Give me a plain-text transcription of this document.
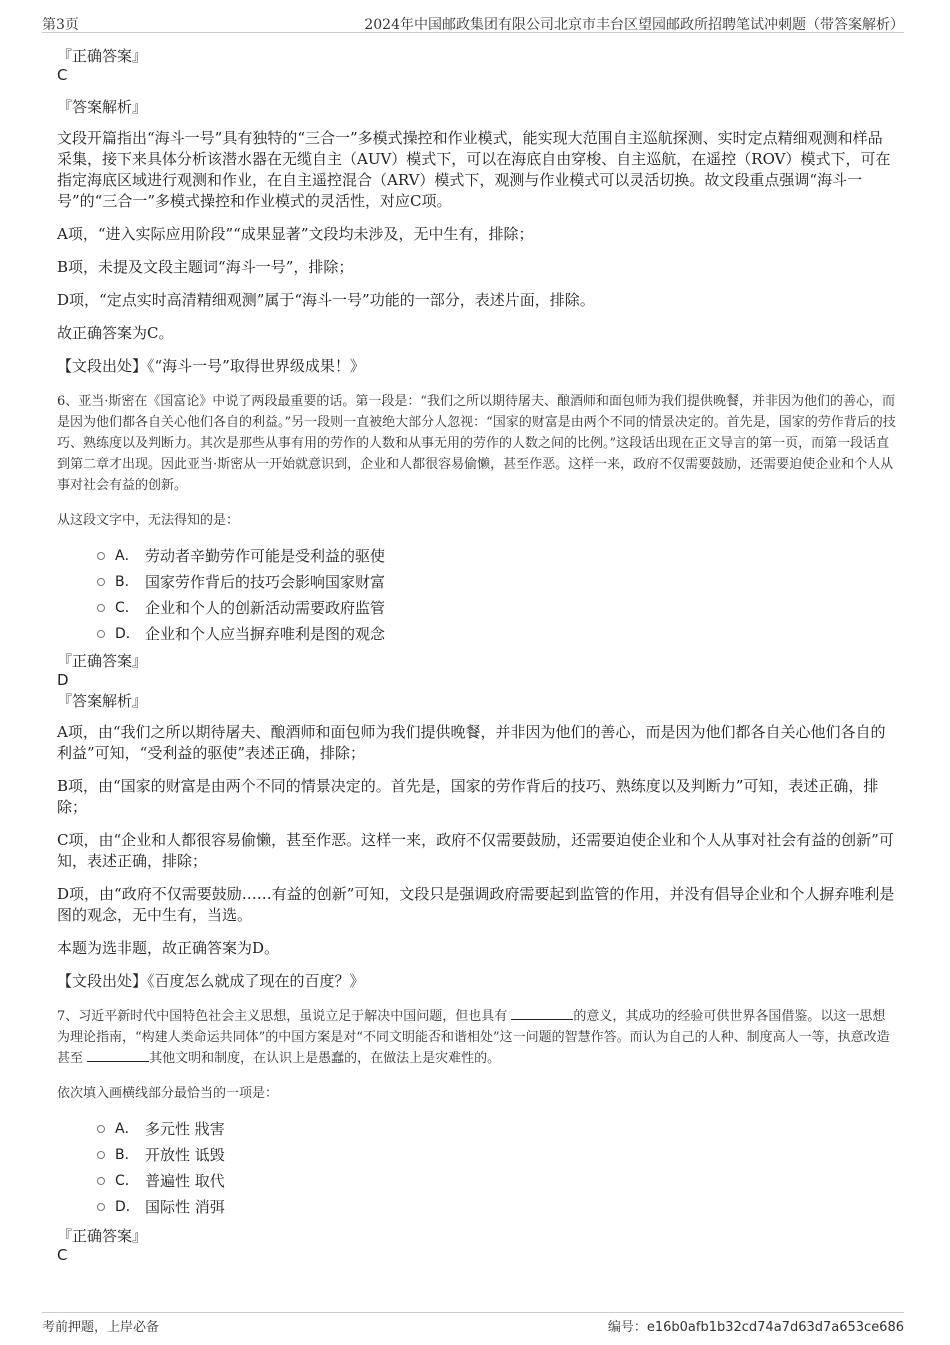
第3页	2024年中国邮政集团有限公司北京市丰台区望园邮政所招聘笔试冲刺题（带答案解析）

『正确答案』

C

『答案解析』

文段开篇指出“海斗一号”具有独特的“三合一”多模式操控和作业模式，能实现大范围自主巡航探测、实时定点精细观测和样品采集，接下来具体分析该潜水器在无缆自主（AUV）模式下，可以在海底自由穿梭、自主巡航，在遥控（ROV）模式下，可在指定海底区域进行观测和作业，在自主遥控混合（ARV）模式下，观测与作业模式可以灵活切换。故文段重点强调“海斗一号”的“三合一”多模式操控和作业模式的灵活性，对应C项。

A项，“进入实际应用阶段”“成果显著”文段均未涉及，无中生有，排除；

B项，未提及文段主题词“海斗一号”，排除；

D项，“定点实时高清精细观测”属于“海斗一号”功能的一部分，表述片面，排除。

故正确答案为C。

【文段出处】《“海斗一号”取得世界级成果！》

6、亚当·斯密在《国富论》中说了两段最重要的话。第一段是：“我们之所以期待屠夫、酿酒师和面包师为我们提供晚餐，并非因为他们的善心，而是因为他们都各自关心他们各自的利益。”另一段则一直被绝大部分人忽视：“国家的财富是由两个不同的情景决定的。首先是，国家的劳作背后的技巧、熟练度以及判断力。其次是那些从事有用的劳作的人数和从事无用的劳作的人数之间的比例。”这段话出现在正文导言的第一页，而第一段话直到第二章才出现。因此亚当·斯密从一开始就意识到，企业和人都很容易偷懒，甚至作恶。这样一来，政府不仅需要鼓励，还需要迫使企业和个人从事对社会有益的创新。

从这段文字中，无法得知的是：

A． 劳动者辛勤劳作可能是受利益的驱使
B． 国家劳作背后的技巧会影响国家财富
C． 企业和个人的创新活动需要政府监管
D． 企业和个人应当摒弃唯利是图的观念

『正确答案』

D

『答案解析』

A项，由“我们之所以期待屠夫、酿酒师和面包师为我们提供晚餐，并非因为他们的善心，而是因为他们都各自关心他们各自的利益”可知，“受利益的驱使”表述正确，排除；

B项，由“国家的财富是由两个不同的情景决定的。首先是，国家的劳作背后的技巧、熟练度以及判断力”可知，表述正确，排除；

C项，由“企业和人都很容易偷懒，甚至作恶。这样一来，政府不仅需要鼓励，还需要迫使企业和个人从事对社会有益的创新”可知，表述正确，排除；

D项，由“政府不仅需要鼓励……有益的创新”可知，文段只是强调政府需要起到监管的作用，并没有倡导企业和个人摒弃唯利是图的观念，无中生有，当选。

本题为选非题，故正确答案为D。

【文段出处】《百度怎么就成了现在的百度？》

7、习近平新时代中国特色社会主义思想，虽说立足于解决中国问题，但也具有	的意义，其成功的经验可供世界各国借鉴。以这一思想为理论指南，“构建人类命运共同体”的中国方案是对“不同文明能否和谐相处”这一问题的智慧作答。而认为自己的人种、制度高人一等，执意改造甚至	其他文明和制度，在认识上是愚蠢的，在做法上是灾难性的。

依次填入画横线部分最恰当的一项是：

A． 多元性 戕害
B． 开放性 诋毁
C． 普遍性 取代
D． 国际性 消弭

『正确答案』

C

考前押题，上岸必备	编号：e16b0afb1b32cd74a7d63d7a653ce686
